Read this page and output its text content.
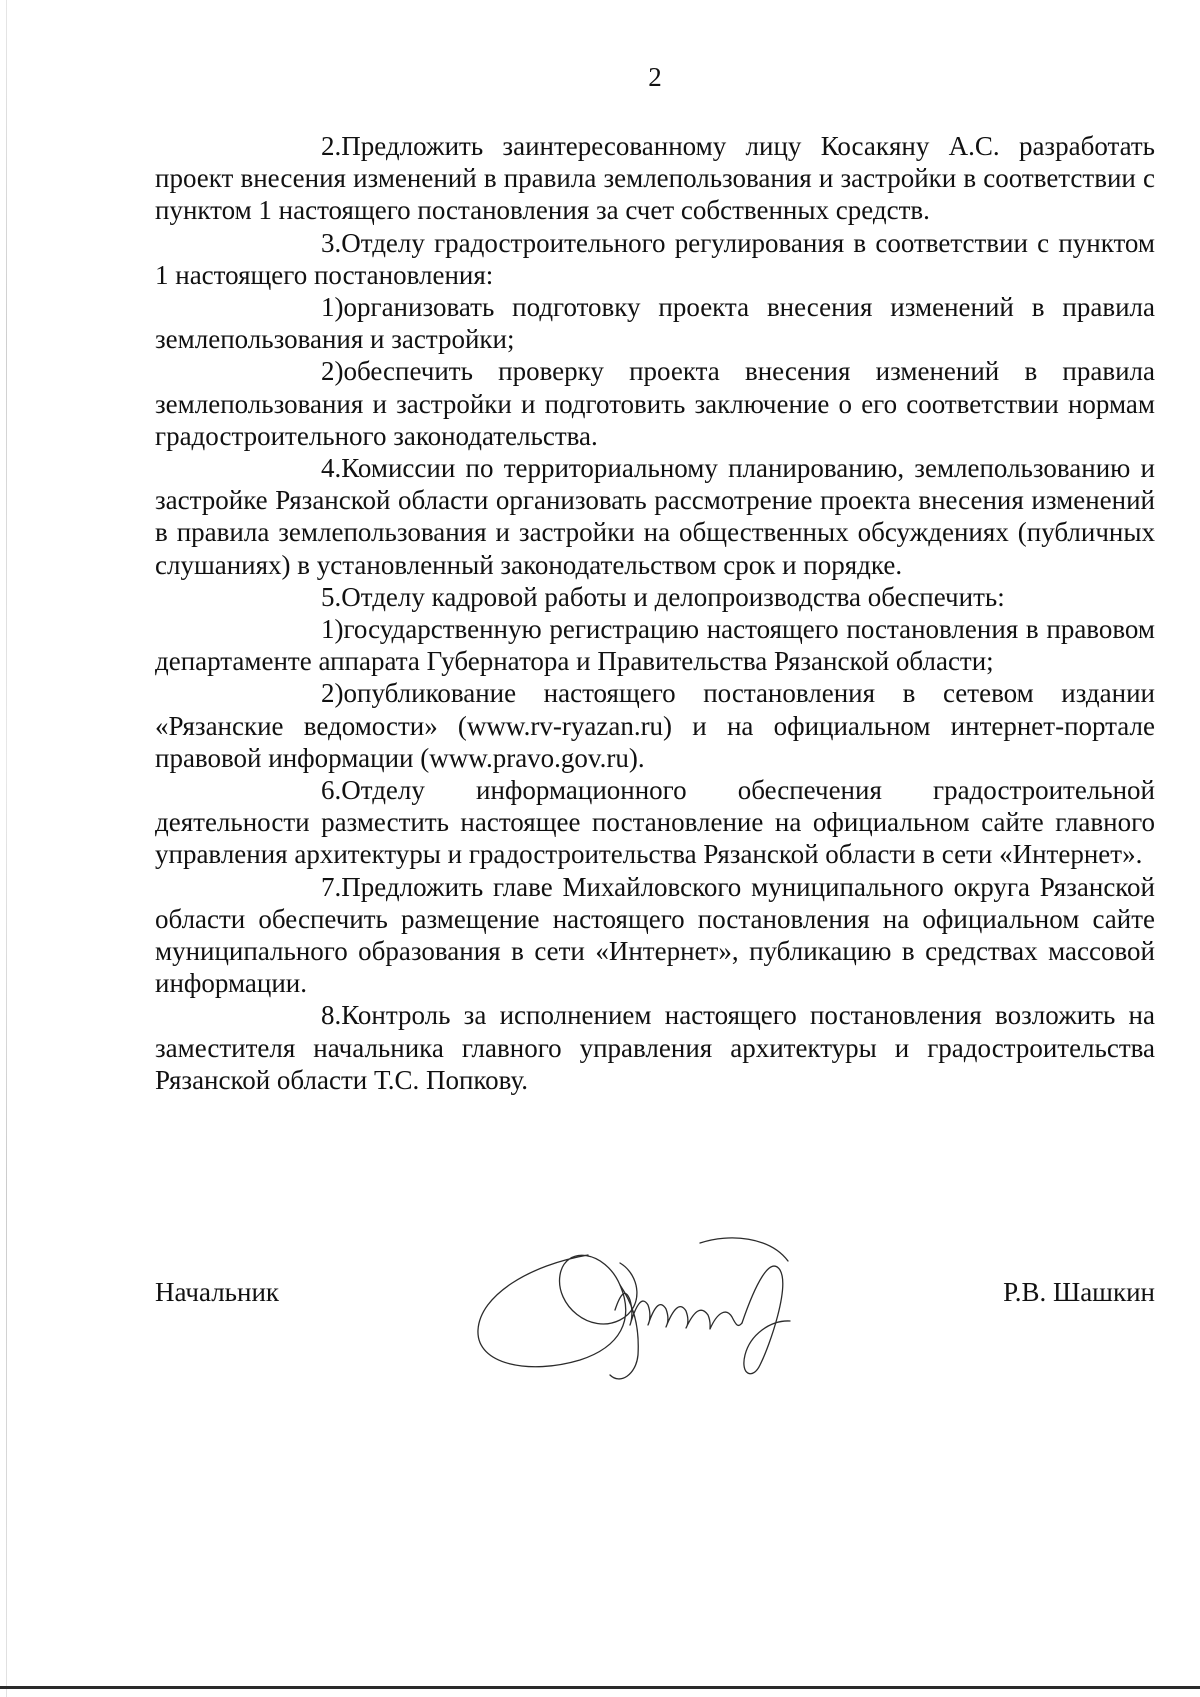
2

2.Предложить заинтересованному лицу Косакяну А.С. разработать проект внесения изменений в правила землепользования и застройки в соответствии с пунктом 1 настоящего постановления за счет собственных средств.

3.Отделу градостроительного регулирования в соответствии с пунктом 1 настоящего постановления:

1)организовать подготовку проекта внесения изменений в правила землепользования и застройки;

2)обеспечить проверку проекта внесения изменений в правила землепользования и застройки и подготовить заключение о его соответствии нормам градостроительного законодательства.

4.Комиссии по территориальному планированию, землепользованию и застройке Рязанской области организовать рассмотрение проекта внесения изменений в правила землепользования и застройки на общественных обсуждениях (публичных слушаниях) в установленный законодательством срок и порядке.

5.Отделу кадровой работы и делопроизводства обеспечить:

1)государственную регистрацию настоящего постановления в правовом департаменте аппарата Губернатора и Правительства Рязанской области;

2)опубликование настоящего постановления в сетевом издании «Рязанские ведомости» (www.rv-ryazan.ru) и на официальном интернет-портале правовой информации (www.pravo.gov.ru).

6.Отделу информационного обеспечения градостроительной деятельности разместить настоящее постановление на официальном сайте главного управления архитектуры и градостроительства Рязанской области в сети «Интернет».

7.Предложить главе Михайловского муниципального округа Рязанской области обеспечить размещение настоящего постановления на официальном сайте муниципального образования в сети «Интернет», публикацию в средствах массовой информации.

8.Контроль за исполнением настоящего постановления возложить на заместителя начальника главного управления архитектуры и градостроительства Рязанской области Т.С. Попкову.

Начальник	Р.В. Шашкин
